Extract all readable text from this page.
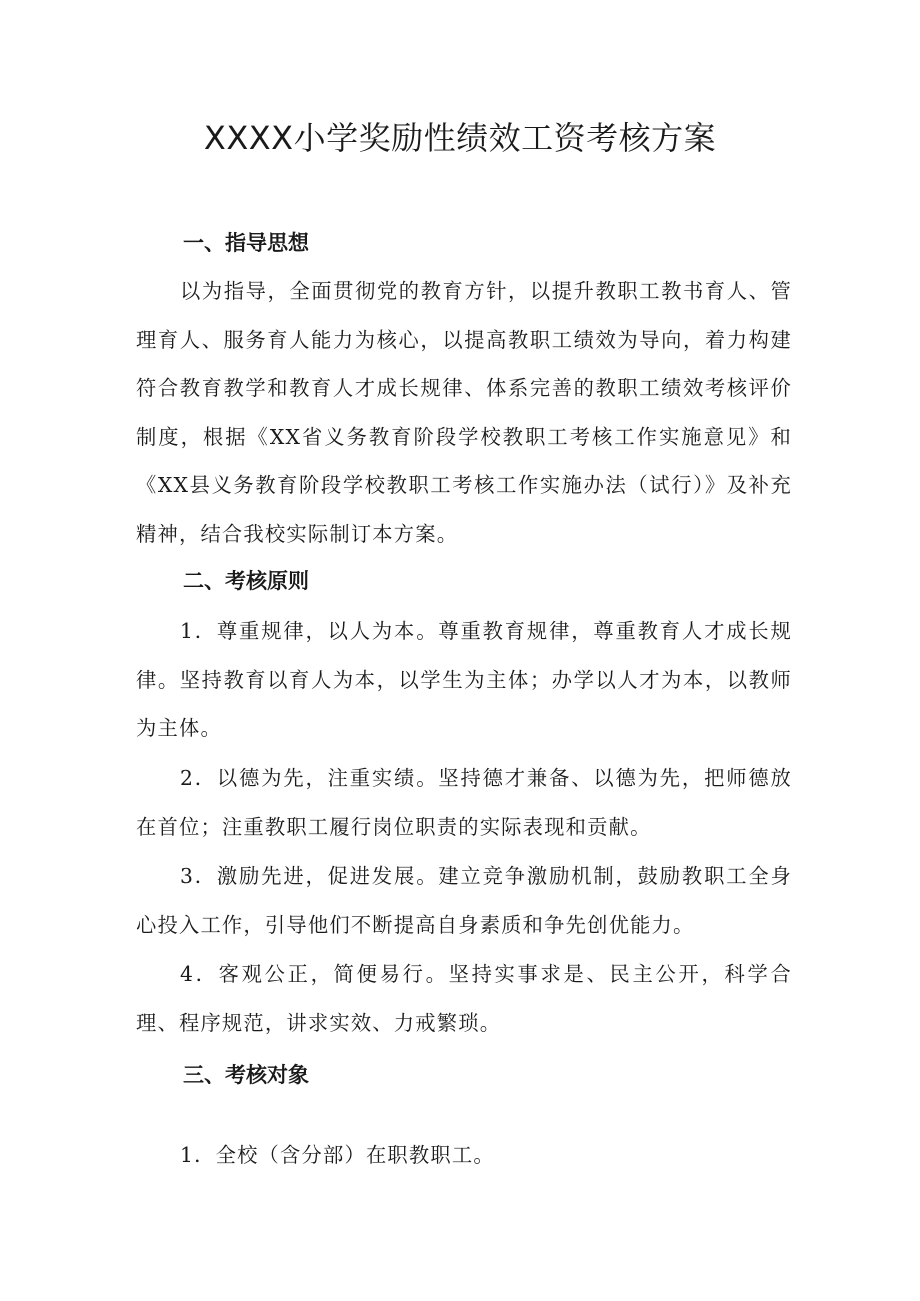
XXXX小学奖励性绩效工资考核方案
一、指导思想

以为指导，全面贯彻党的教育方针，以提升教职工教书育人、管理育人、服务育人能力为核心，以提高教职工绩效为导向，着力构建符合教育教学和教育人才成长规律、体系完善的教职工绩效考核评价制度，根据《XX省义务教育阶段学校教职工考核工作实施意见》和《XX县义务教育阶段学校教职工考核工作实施办法（试行）》及补充精神，结合我校实际制订本方案。

二、考核原则

1．尊重规律，以人为本。尊重教育规律，尊重教育人才成长规律。坚持教育以育人为本，以学生为主体；办学以人才为本，以教师为主体。

2．以德为先，注重实绩。坚持德才兼备、以德为先，把师德放在首位；注重教职工履行岗位职责的实际表现和贡献。

3．激励先进，促进发展。建立竞争激励机制，鼓励教职工全身心投入工作，引导他们不断提高自身素质和争先创优能力。

4．客观公正，简便易行。坚持实事求是、民主公开，科学合理、程序规范，讲求实效、力戒繁琐。

三、考核对象

1．全校（含分部）在职教职工。
